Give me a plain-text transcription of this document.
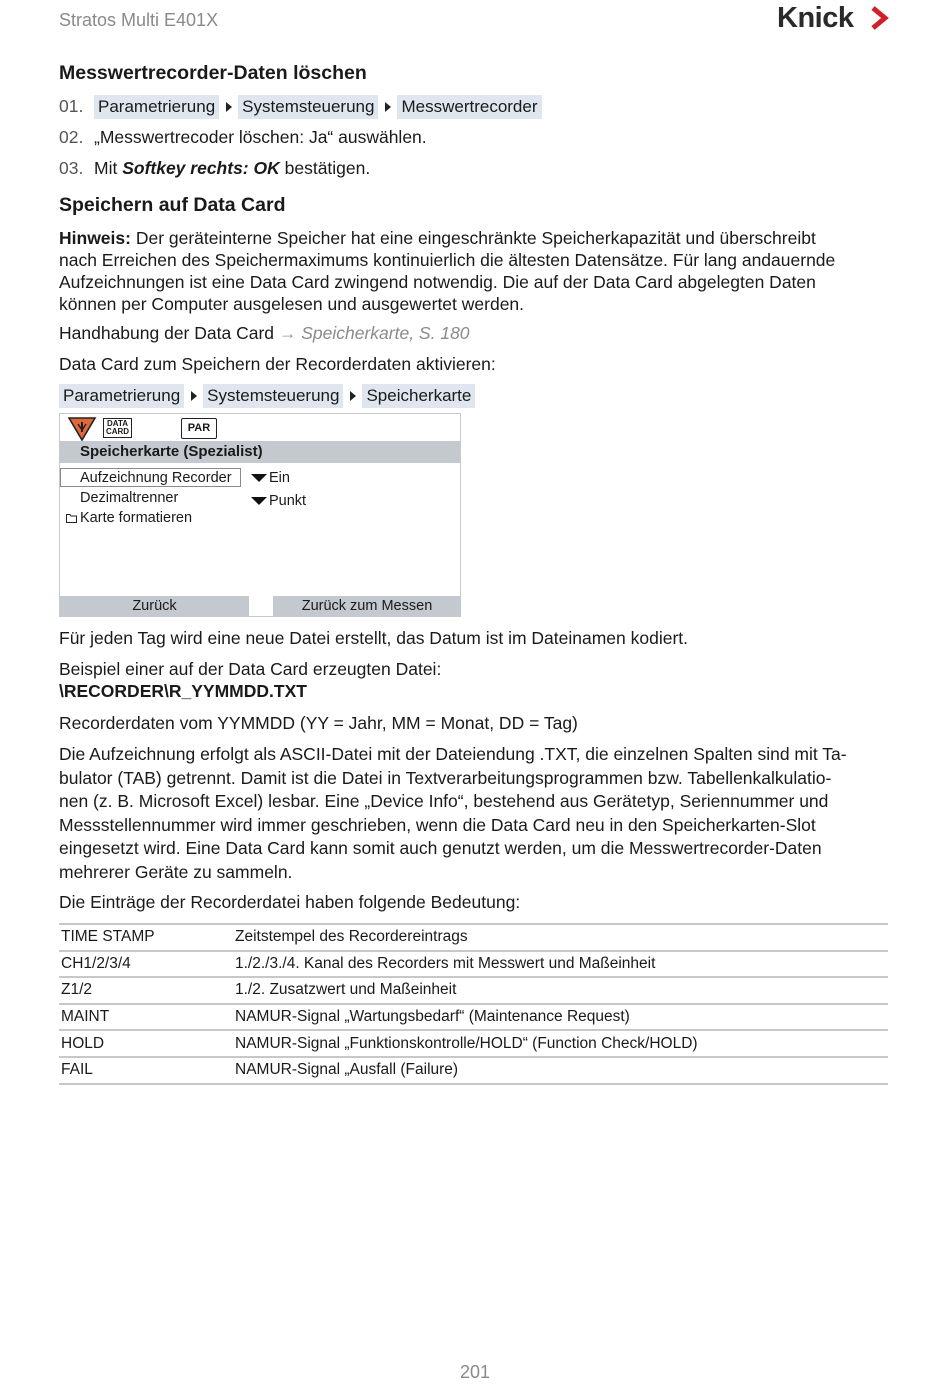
Stratos Multi E401X	Knick
Messwertrecorder-Daten löschen
01. Parametrierung Systemsteuerung Messwertrecorder
02. „Messwertrecoder löschen: Ja“ auswählen.
03. Mit Softkey rechts: OK bestätigen.
Speichern auf Data Card
Hinweis: Der geräteinterne Speicher hat eine eingeschränkte Speicherkapazität und überschreibt
nach Erreichen des Speichermaximums kontinuierlich die ältesten Datensätze. Für lang andauernde
Aufzeichnungen ist eine Data Card zwingend notwendig. Die auf der Data Card abgelegten Daten
können per Computer ausgelesen und ausgewertet werden.
Handhabung der Data Card → Speicherkarte, S. 180
Data Card zum Speichern der Recorderdaten aktivieren:
Parametrierung Systemsteuerung Speicherkarte
DATA
CARD	PAR
Speicherkarte (Spezialist)
Aufzeichnung Recorder	Ein
Dezimaltrenner	Punkt
Karte formatieren
Zurück	Zurück zum Messen
Für jeden Tag wird eine neue Datei erstellt, das Datum ist im Dateinamen kodiert.
Beispiel einer auf der Data Card erzeugten Datei:
\RECORDER\R_YYMMDD.TXT
Recorderdaten vom YYMMDD (YY = Jahr, MM = Monat, DD = Tag)
Die Aufzeichnung erfolgt als ASCII-Datei mit der Dateiendung .TXT, die einzelnen Spalten sind mit Ta-
bulator (TAB) getrennt. Damit ist die Datei in Textverarbeitungsprogrammen bzw. Tabellenkalkulatio-
nen (z. B. Microsoft Excel) lesbar. Eine „Device Info“, bestehend aus Gerätetyp, Seriennummer und
Messstellennummer wird immer geschrieben, wenn die Data Card neu in den Speicherkarten-Slot
eingesetzt wird. Eine Data Card kann somit auch genutzt werden, um die Messwertrecorder-Daten
mehrerer Geräte zu sammeln.
Die Einträge der Recorderdatei haben folgende Bedeutung:
TIME STAMP	Zeitstempel des Recordereintrags
CH1/2/3/4	1./2./3./4. Kanal des Recorders mit Messwert und Maßeinheit
Z1/2	1./2. Zusatzwert und Maßeinheit
MAINT	NAMUR-Signal „Wartungsbedarf“ (Maintenance Request)
HOLD	NAMUR-Signal „Funktionskontrolle/HOLD“ (Function Check/HOLD)
FAIL	NAMUR-Signal „Ausfall (Failure)
201
